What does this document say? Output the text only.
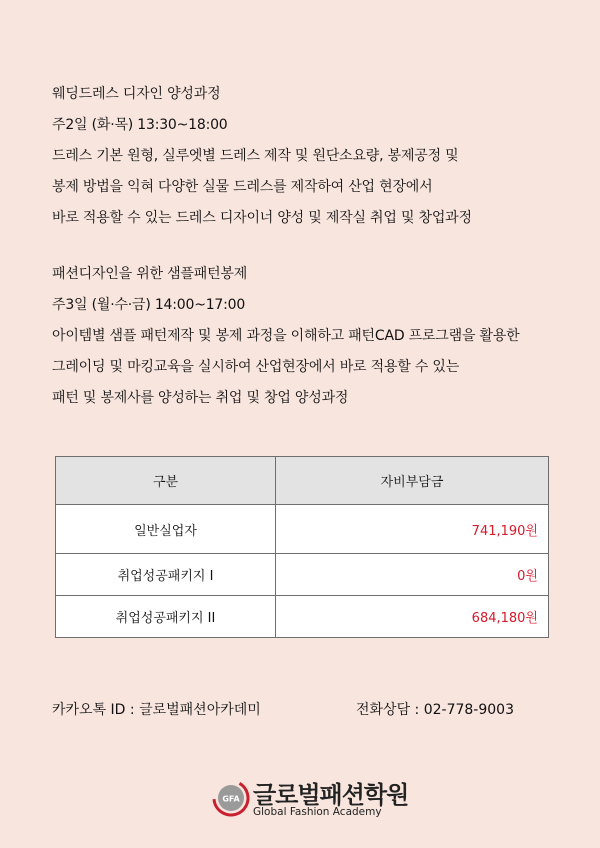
웨딩드레스 디자인 양성과정
주2일 (화·목) 13:30~18:00
드레스 기본 원형, 실루엣별 드레스 제작 및 원단소요량, 봉제공정 및
봉제 방법을 익혀 다양한 실물 드레스를 제작하여 산업 현장에서
바로 적용할 수 있는 드레스 디자이너 양성 및 제작실 취업 및 창업과정
패션디자인을 위한 샘플패턴봉제
주3일 (월·수·금) 14:00~17:00
아이템별 샘플 패턴제작 및 봉제 과정을 이해하고 패턴CAD 프로그램을 활용한
그레이딩 및 마킹교육을 실시하여 산업현장에서 바로 적용할 수 있는
패턴 및 봉제사를 양성하는 취업 및 창업 양성과정
구분	자비부담금
일반실업자	741,190원
취업성공패키지 I	0원
취업성공패키지 II	684,180원
카카오톡 ID : 글로벌패션아카데미	전화상담 : 02-778-9003
GFA 글로벌패션학원
Global Fashion Academy
